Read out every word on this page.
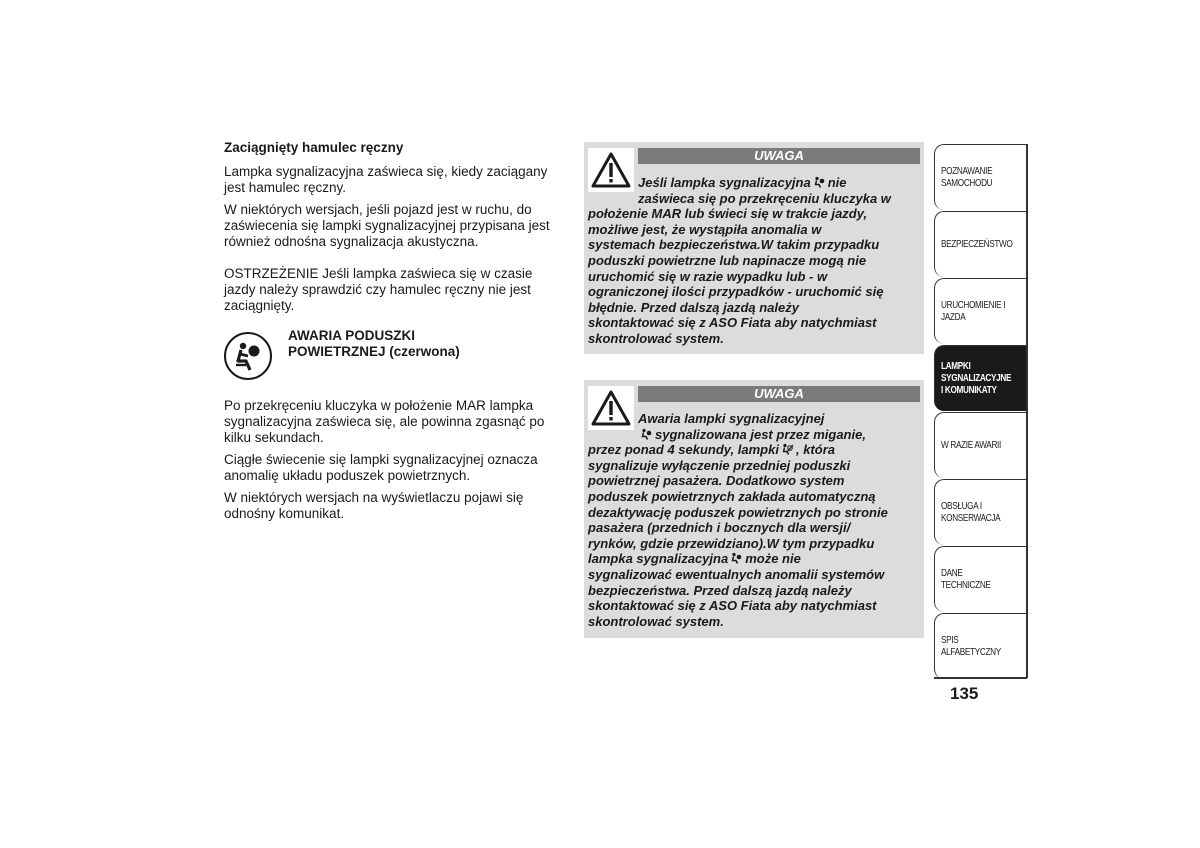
Zaciągnięty hamulec ręczny

Lampka sygnalizacyjna zaświeca się, kiedy zaciągany jest hamulec ręczny.

W niektórych wersjach, jeśli pojazd jest w ruchu, do zaświecenia się lampki sygnalizacyjnej przypisana jest również odnośna sygnalizacja akustyczna.

OSTRZEŻENIE Jeśli lampka zaświeca się w czasie jazdy należy sprawdzić czy hamulec ręczny nie jest zaciągnięty.

AWARIA PODUSZKI
POWIETRZNEJ (czerwona)

Po przekręceniu kluczyka w położenie MAR lampka sygnalizacyjna zaświeca się, ale powinna zgasnąć po kilku sekundach.

Ciągłe świecenie się lampki sygnalizacyjnej oznacza anomalię układu poduszek powietrznych.

W niektórych wersjach na wyświetlaczu pojawi się odnośny komunikat.

UWAGA
Jeśli lampka sygnalizacyjna nie
zaświeca się po przekręceniu kluczyka w
położenie MAR lub świeci się w trakcie jazdy,
możliwe jest, że wystąpiła anomalia w
systemach bezpieczeństwa.W takim przypadku
poduszki powietrzne lub napinacze mogą nie
uruchomić się w razie wypadku lub - w
ograniczonej ilości przypadków - uruchomić się
błędnie. Przed dalszą jazdą należy
skontaktować się z ASO Fiata aby natychmiast
skontrolować system.
UWAGA
Awaria lampki sygnalizacyjnej
sygnalizowana jest przez miganie,
przez ponad 4 sekundy, lampki , która
sygnalizuje wyłączenie przedniej poduszki
powietrznej pasażera. Dodatkowo system
poduszek powietrznych zakłada automatyczną
dezaktywację poduszek powietrznych po stronie
pasażera (przednich i bocznych dla wersji/
rynków, gdzie przewidziano).W tym przypadku
lampka sygnalizacyjna może nie
sygnalizować ewentualnych anomalii systemów
bezpieczeństwa. Przed dalszą jazdą należy
skontaktować się z ASO Fiata aby natychmiast
skontrolować system.
POZNAWANIE SAMOCHODU
BEZPIECZEŃSTWO
URUCHOMIENIE I JAZDA
LAMPKI SYGNALIZACYJNE I KOMUNIKATY
W RAZIE AWARII
OBSŁUGA I KONSERWACJA
DANE TECHNICZNE
SPIS ALFABETYCZNY
135
